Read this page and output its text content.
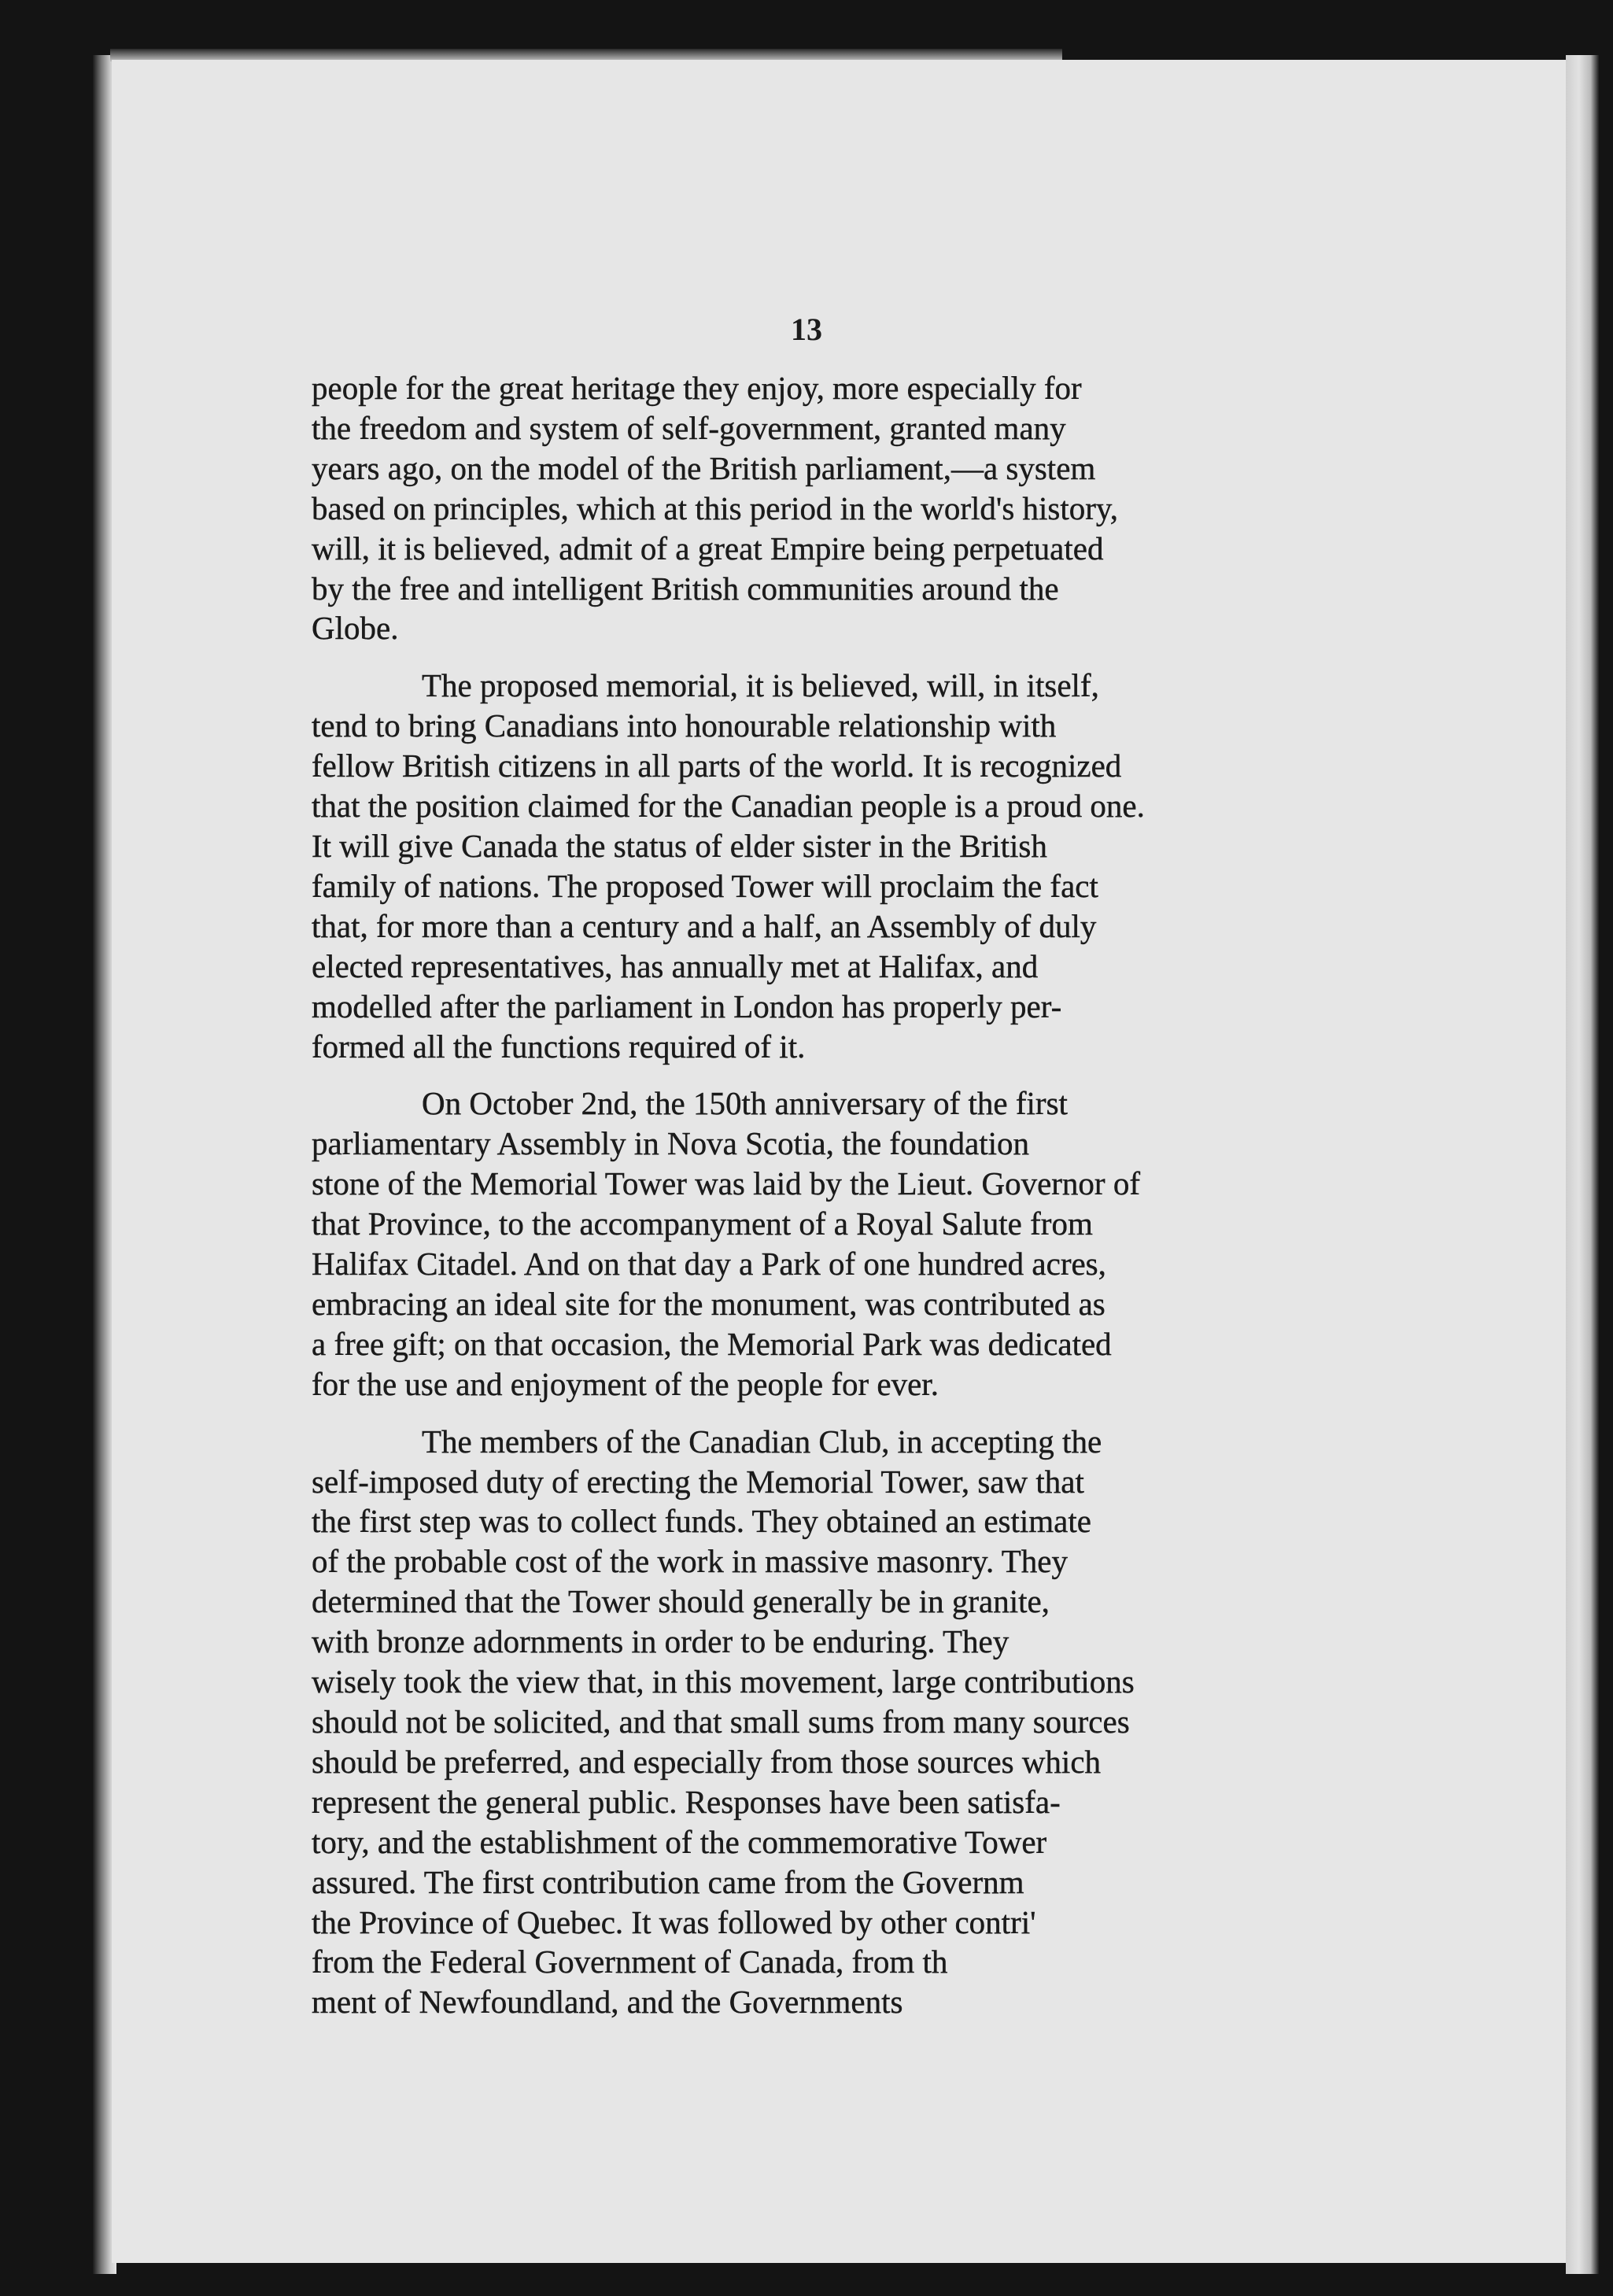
13
people for the great heritage they enjoy, more especially for
the freedom and system of self-government, granted many
years ago, on the model of the British parliament,—a system
based on principles, which at this period in the world's history,
will, it is believed, admit of a great Empire being perpetuated
by the free and intelligent British communities around the
Globe.
The proposed memorial, it is believed, will, in itself,
tend to bring Canadians into honourable relationship with
fellow British citizens in all parts of the world. It is recognized
that the position claimed for the Canadian people is a proud one.
It will give Canada the status of elder sister in the British
family of nations. The proposed Tower will proclaim the fact
that, for more than a century and a half, an Assembly of duly
elected representatives, has annually met at Halifax, and
modelled after the parliament in London has properly per-
formed all the functions required of it.
On October 2nd, the 150th anniversary of the first
parliamentary Assembly in Nova Scotia, the foundation
stone of the Memorial Tower was laid by the Lieut. Governor of
that Province, to the accompanyment of a Royal Salute from
Halifax Citadel. And on that day a Park of one hundred acres,
embracing an ideal site for the monument, was contributed as
a free gift; on that occasion, the Memorial Park was dedicated
for the use and enjoyment of the people for ever.
The members of the Canadian Club, in accepting the
self-imposed duty of erecting the Memorial Tower, saw that
the first step was to collect funds. They obtained an estimate
of the probable cost of the work in massive masonry. They
determined that the Tower should generally be in granite,
with bronze adornments in order to be enduring. They
wisely took the view that, in this movement, large contributions
should not be solicited, and that small sums from many sources
should be preferred, and especially from those sources which
represent the general public. Responses have been satisfa-
tory, and the establishment of the commemorative Tower
assured. The first contribution came from the Governm
the Province of Quebec. It was followed by other contri'
from the Federal Government of Canada, from th
ment of Newfoundland, and the Governments
